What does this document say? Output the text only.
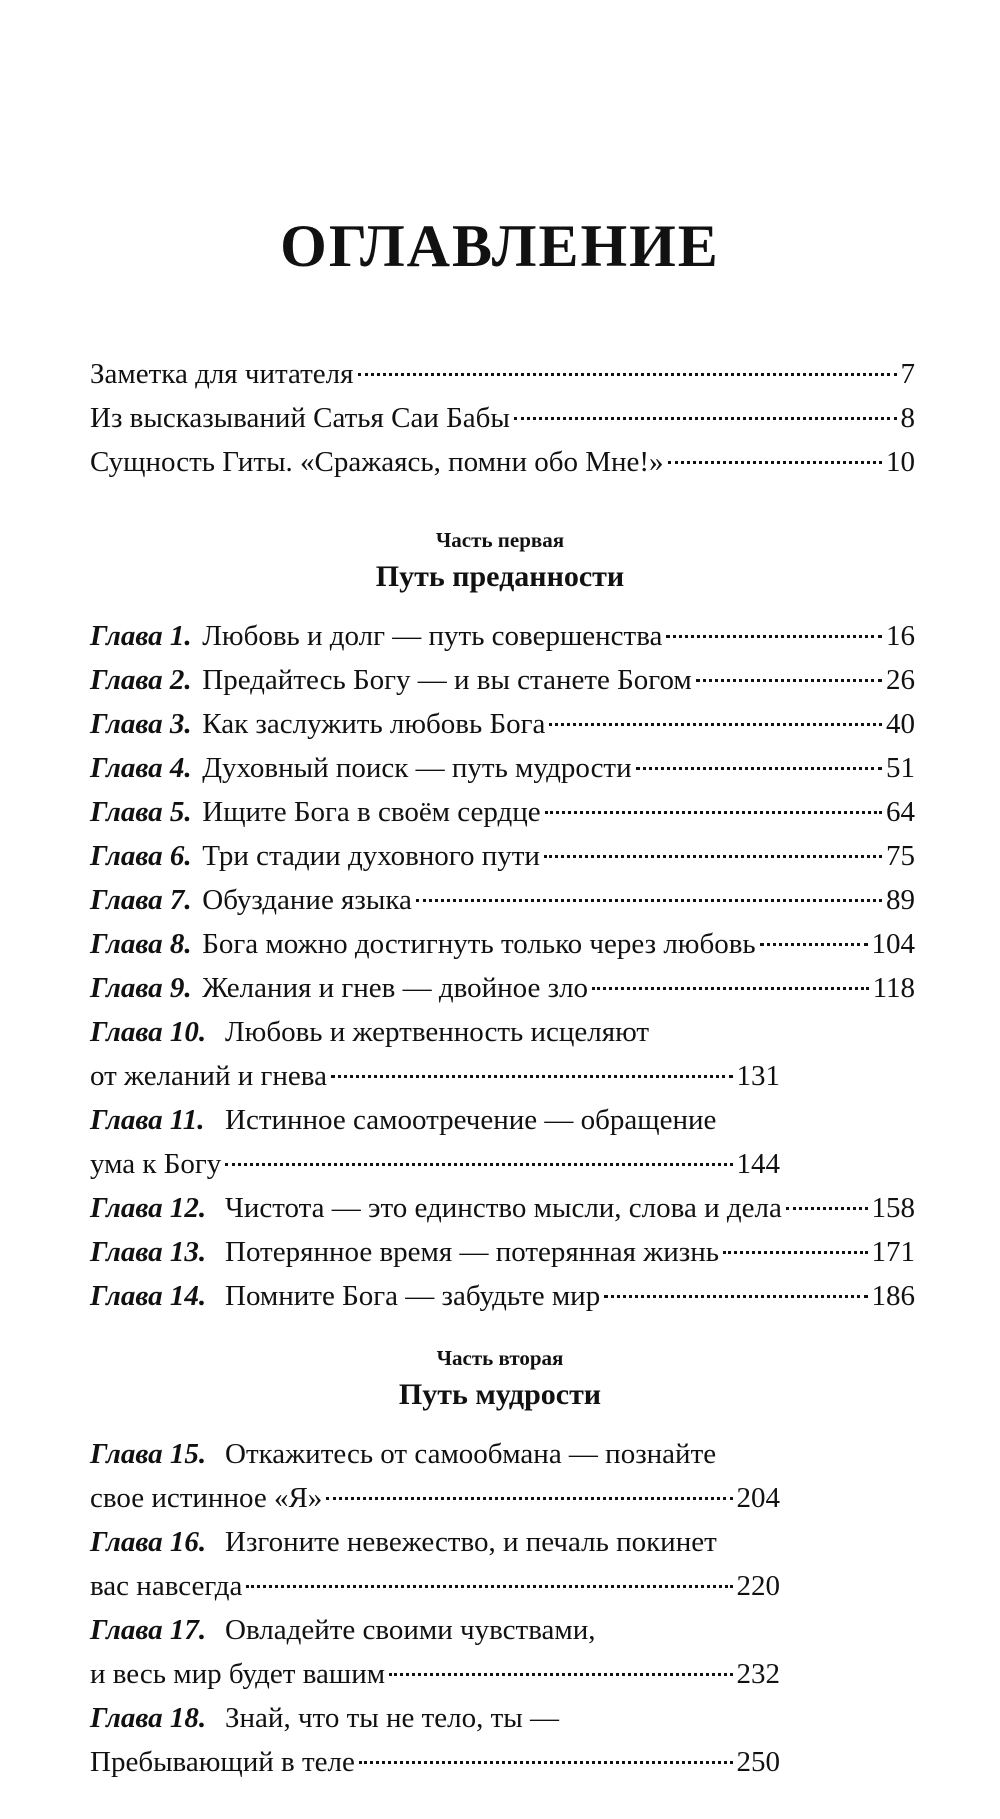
ОГЛАВЛЕНИЕ
Заметка для читателя	7
Из высказываний Сатья Саи Бабы	8
Сущность Гиты. «Сражаясь, помни обо Мне!»	10
Часть первая
Путь преданности
Глава 1. Любовь и долг — путь совершенства	16
Глава 2. Предайтесь Богу — и вы станете Богом	26
Глава 3. Как заслужить любовь Бога	40
Глава 4. Духовный поиск — путь мудрости	51
Глава 5. Ищите Бога в своём сердце	64
Глава 6. Три стадии духовного пути	75
Глава 7. Обуздание языка	89
Глава 8. Бога можно достигнуть только через любовь	104
Глава 9. Желания и гнев — двойное зло	118
Глава 10. Любовь и жертвенность исцеляют
от желаний и гнева	131
Глава 11. Истинное самоотречение — обращение
ума к Богу	144
Глава 12. Чистота — это единство мысли, слова и дела	158
Глава 13. Потерянное время — потерянная жизнь	171
Глава 14. Помните Бога — забудьте мир	186
Часть вторая
Путь мудрости
Глава 15. Откажитесь от самообмана — познайте
свое истинное «Я»	204
Глава 16. Изгоните невежество, и печаль покинет
вас навсегда	220
Глава 17. Овладейте своими чувствами,
и весь мир будет вашим	232
Глава 18. Знай, что ты не тело, ты —
Пребывающий в теле	250
